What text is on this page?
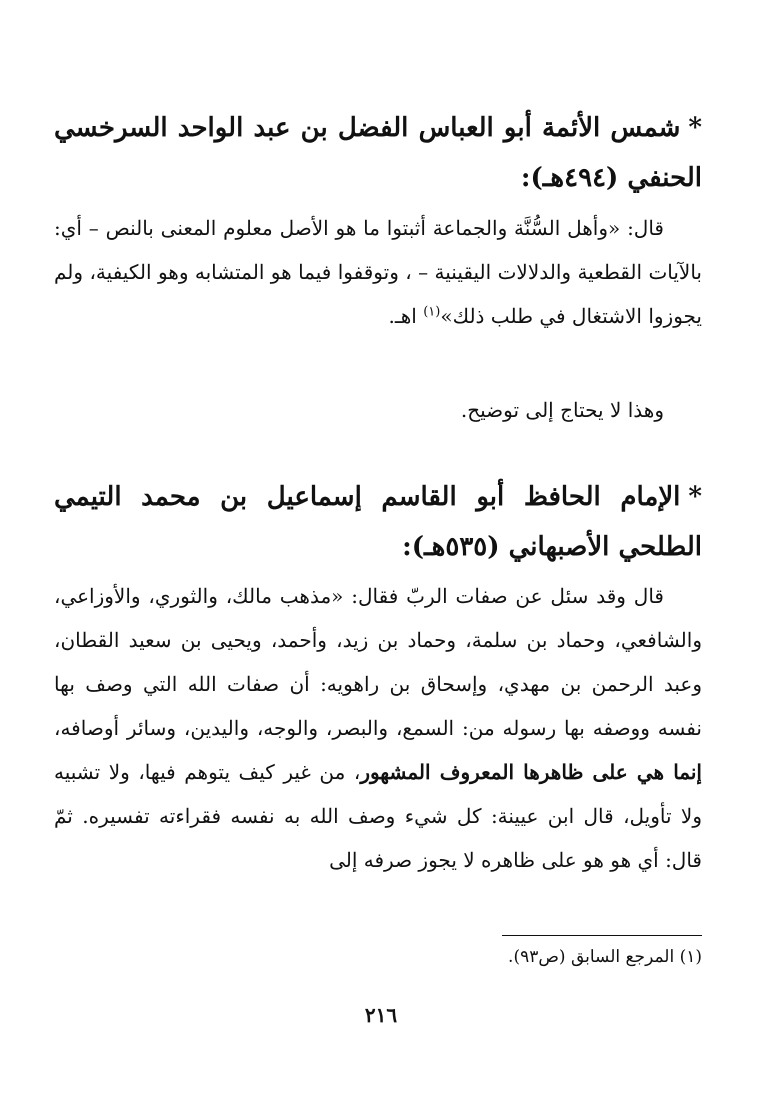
*شمس الأئمة أبو العباس الفضل بن عبد الواحد السرخسي الحنفي (٤٩٤هـ):
قال: «وأهل السُّنَّة والجماعة أثبتوا ما هو الأصل معلوم المعنى بالنص – أي: بالآيات القطعية والدلالات اليقينية – ، وتوقفوا فيما هو المتشابه وهو الكيفية، ولم يجوزوا الاشتغال في طلب ذلك»$^{(١)}$ اهـ.
وهذا لا يحتاج إلى توضيح.
*الإمام الحافظ أبو القاسم إسماعيل بن محمد التيمي الطلحي الأصبهاني (٥٣٥هـ):
قال وقد سئل عن صفات الربّ فقال: «مذهب مالك، والثوري، والأوزاعي، والشافعي، وحماد بن سلمة، وحماد بن زيد، وأحمد، ويحيى بن سعيد القطان، وعبد الرحمن بن مهدي، وإسحاق بن راهويه: أن صفات الله التي وصف بها نفسه ووصفه بها رسوله من: السمع، والبصر، والوجه، واليدين، وسائر أوصافه، إنما هي على ظاهرها المعروف المشهور، من غير كيف يتوهم فيها، ولا تشبيه ولا تأويل، قال ابن عيينة: كل شيء وصف الله به نفسه فقراءته تفسيره. ثمّ قال: أي هو هو على ظاهره لا يجوز صرفه إلى
(١) المرجع السابق (ص٩٣).
٢١٦
